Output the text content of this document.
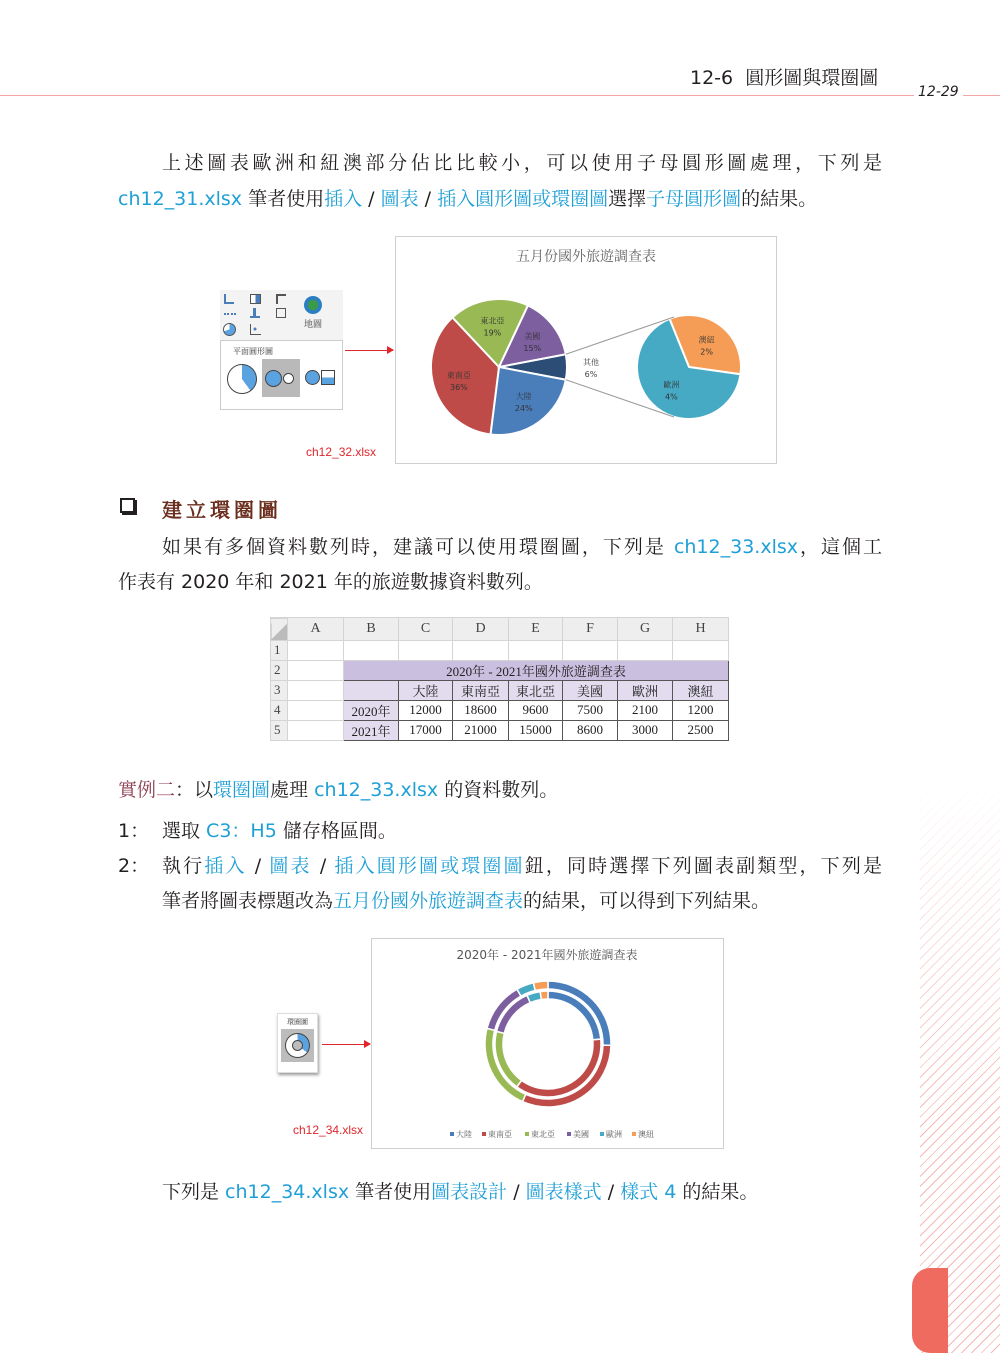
12-6  圓形圖與環圈圖
12-29
上述圖表歐洲和紐澳部分佔比比較小，可以使用子母圓形圖處理，下列是
ch12_31.xlsx 筆者使用插入 / 圖表 / 插入圓形圖或環圈圖選擇子母圓形圖的結果。
地圖
平面圓形圖
ch12_32.xlsx
五月份國外旅遊調查表
其他
6%
大陸
24%
東南亞
36%
東北亞
19%	美國
15%
澳紐
2%
歐洲
4%
建立環圈圖
如果有多個資料數列時，建議可以使用環圈圖，下列是 ch12_33.xlsx，這個工
作表有 2020 年和 2021 年的旅遊數據資料數列。
	A	B	C	D	E	F	G	H
1								
2		2020年 - 2021年國外旅遊調查表						
3			大陸	東南亞	東北亞	美國	歐洲	澳紐
4		2020年	12000	18600	9600	7500	2100	1200
5		2021年	17000	21000	15000	8600	3000	2500
實例二：以環圈圖處理 ch12_33.xlsx 的資料數列。
1： 選取 C3：H5 儲存格區間。
2： 執行插入 / 圖表 / 插入圓形圖或環圈圖鈕，同時選擇下列圖表副類型，下列是
筆者將圖表標題改為五月份國外旅遊調查表的結果，可以得到下列結果。
環圈圖
ch12_34.xlsx
2020年 - 2021年國外旅遊調查表
大陸 東南亞 東北亞 美國 歐洲 澳紐
下列是 ch12_34.xlsx 筆者使用圖表設計 / 圖表樣式 / 樣式 4 的結果。
